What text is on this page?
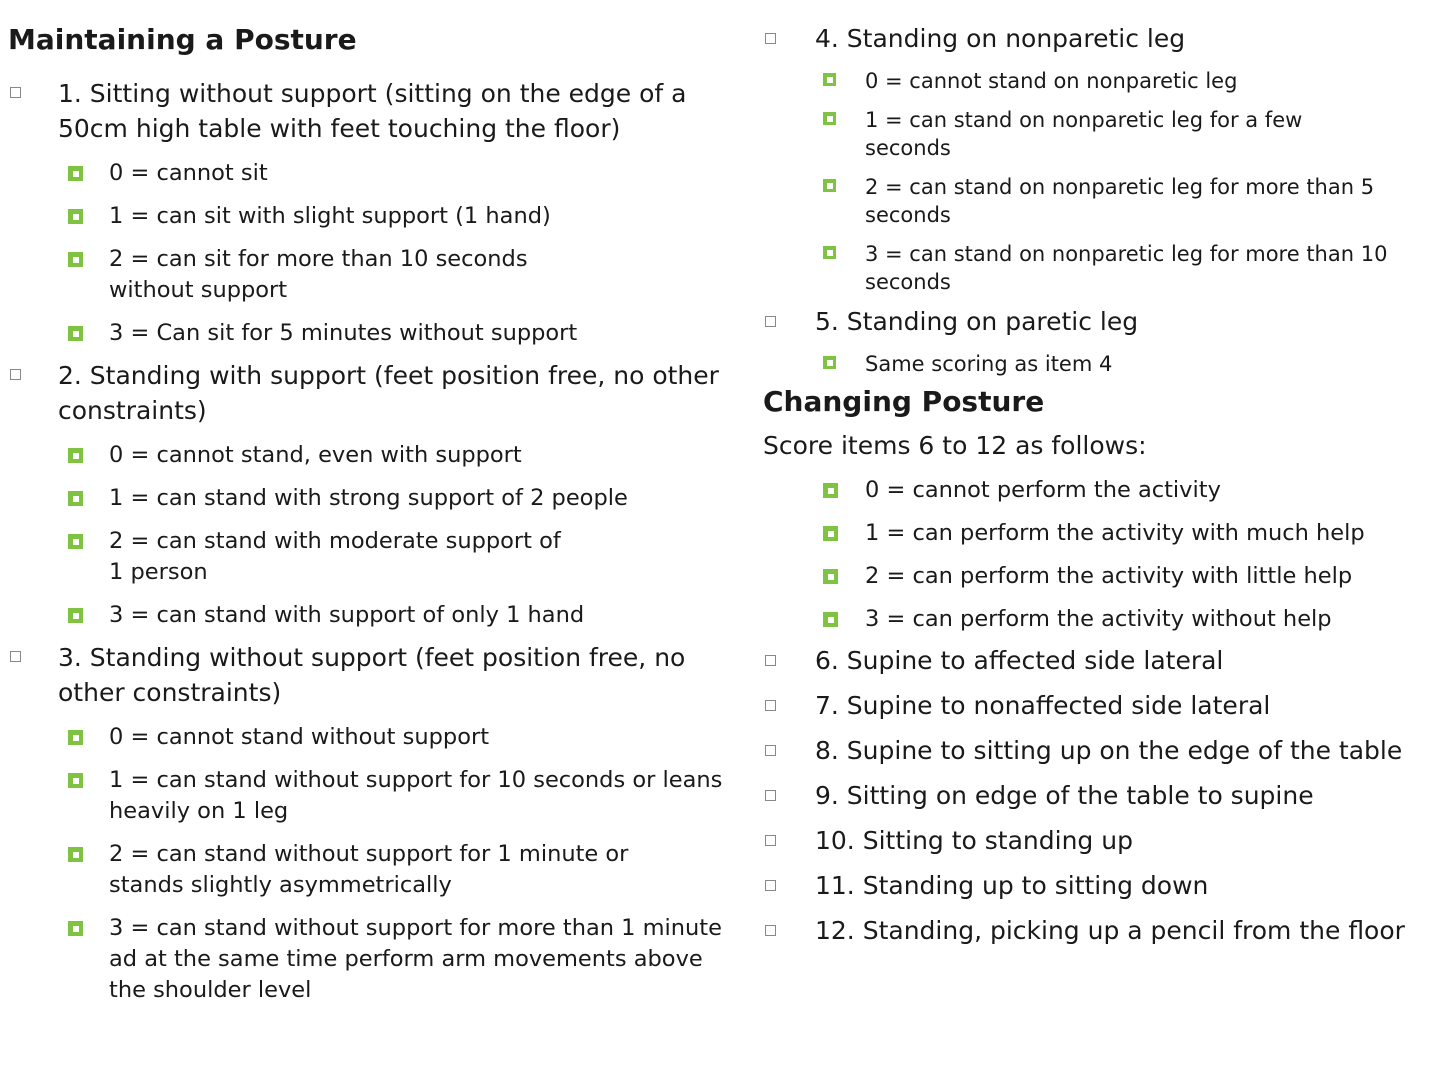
Maintaining a Posture
1. Sitting without support (sitting on the edge of a 50cm high table with feet touching the floor)
0 = cannot sit
1 = can sit with slight support (1 hand)
2 = can sit for more than 10 seconds without support
3 = Can sit for 5 minutes without support
2. Standing with support (feet position free, no other constraints)
0 = cannot stand, even with support
1 = can stand with strong support of 2 people
2 = can stand with moderate support of 1 person
3 = can stand with support of only 1 hand
3. Standing without support (feet position free, no other constraints)
0 = cannot stand without support
1 = can stand without support for 10 seconds or leans heavily on 1 leg
2 = can stand without support for 1 minute or stands slightly asymmetrically
3 = can stand without support for more than 1 minute ad at the same time perform arm movements above the shoulder level
4. Standing on nonparetic leg
0 = cannot stand on nonparetic leg
1 = can stand on nonparetic leg for a few seconds
2 = can stand on nonparetic leg for more than 5 seconds
3 = can stand on nonparetic leg for more than 10 seconds
5. Standing on paretic leg
Same scoring as item 4
Changing Posture
Score items 6 to 12 as follows:
0 = cannot perform the activity
1 = can perform the activity with much help
2 = can perform the activity with little help
3 = can perform the activity without help
6. Supine to affected side lateral
7. Supine to nonaffected side lateral
8. Supine to sitting up on the edge of the table
9. Sitting on edge of the table to supine
10. Sitting to standing up
11. Standing up to sitting down
12. Standing, picking up a pencil from the floor
